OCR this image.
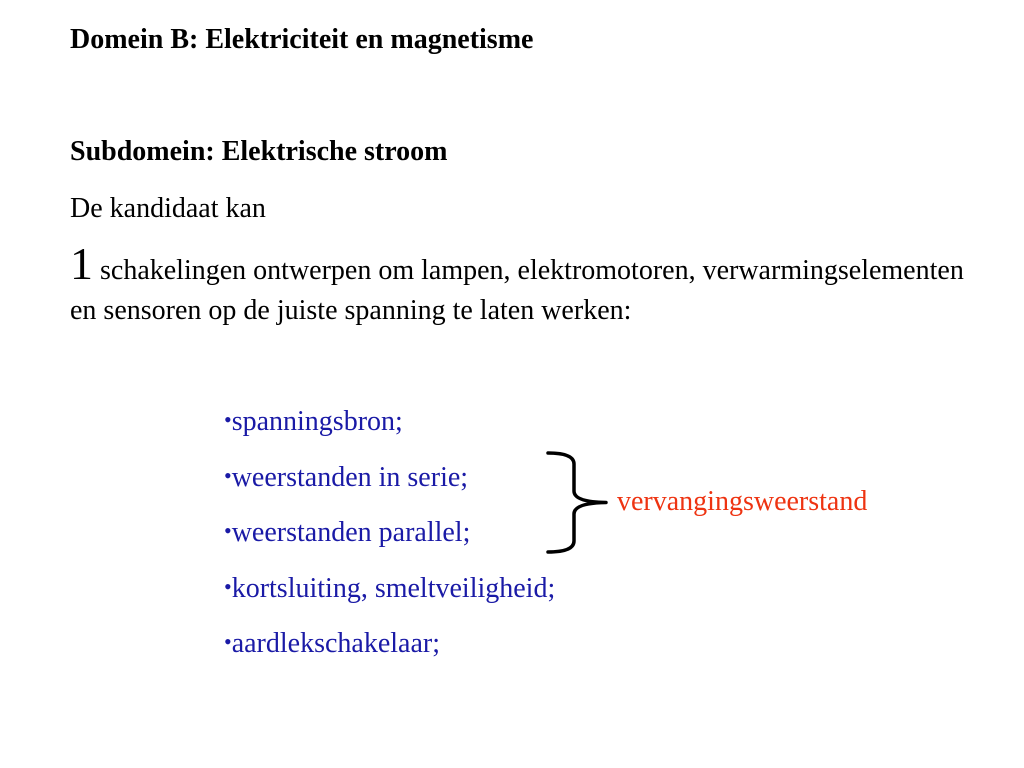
Domein B: Elektriciteit en magnetisme
Subdomein: Elektrische stroom
De kandidaat kan
1 schakelingen ontwerpen om lampen, elektromotoren, verwarmingselementen en sensoren op de juiste spanning te laten werken:
•spanningsbron;
•weerstanden in serie;
•weerstanden parallel;
•kortsluiting, smeltveiligheid;
•aardlekschakelaar;
vervangingsweerstand
